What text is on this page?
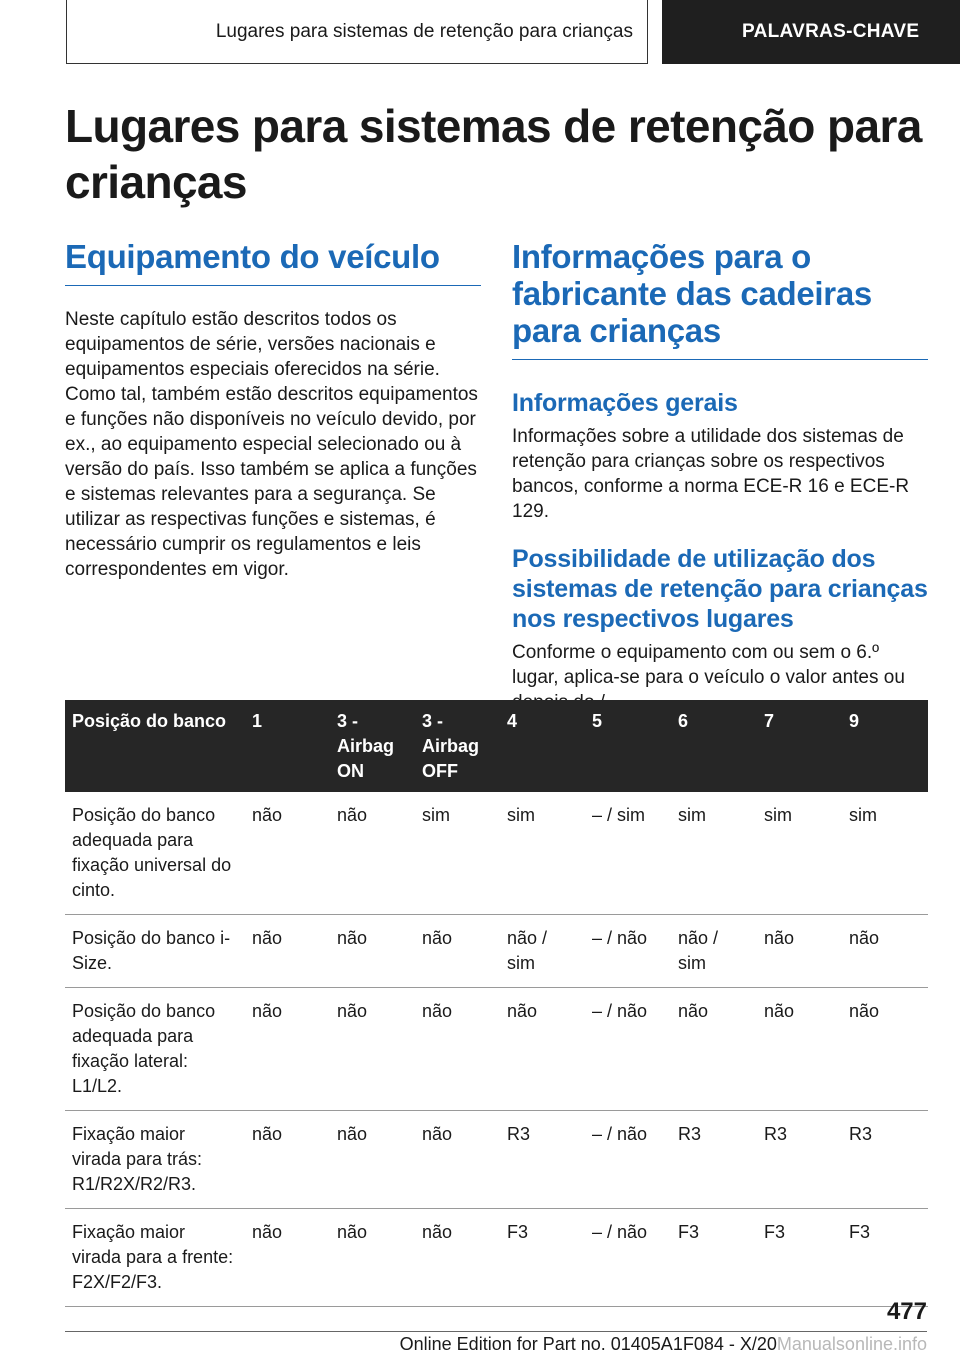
Lugares para sistemas de retenção para crianças	PALAVRAS-CHAVE
Lugares para sistemas de retenção para crianças
Equipamento do veículo

Neste capítulo estão descritos todos os equipamentos de série, versões nacionais e equipamentos especiais oferecidos na série. Como tal, também estão descritos equipamentos e funções não disponíveis no veículo devido, por ex., ao equipamento especial selecionado ou à versão do país. Isso também se aplica a funções e sistemas relevantes para a segurança. Se utilizar as respectivas funções e sistemas, é necessário cumprir os regulamentos e leis correspondentes em vigor.

Informações para o fabricante das cadeiras para crianças
Informações gerais

Informações sobre a utilidade dos sistemas de retenção para crianças sobre os respectivos bancos, conforme a norma ECE-R 16 e ECE-R 129.

Possibilidade de utilização dos sistemas de retenção para crianças nos respectivos lugares

Conforme o equipamento com ou sem o 6.º lugar, aplica-se para o veículo o valor antes ou

Posição do banco	1	3 - Airbag ON	3 - Airbag OFF	4	5	6	7	9
Posição do banco adequada para fixação universal do cinto.	não	não	sim	sim	– / sim	sim	sim	sim
Posição do banco i-Size.	não	não	não	não / sim	– / não	não / sim	não	não
Posição do banco adequada para fixação lateral: L1/L2.	não	não	não	não	– / não	não	não	não
Fixação maior virada para trás: R1/R2X/R2/R3.	não	não	não	R3	– / não	R3	R3	R3
Fixação maior virada para a frente: F2X/F2/F3.	não	não	não	F3	– / não	F3	F3	F3
477
Online Edition for Part no. 01405A1F084 - X/20Manualsonline.info
